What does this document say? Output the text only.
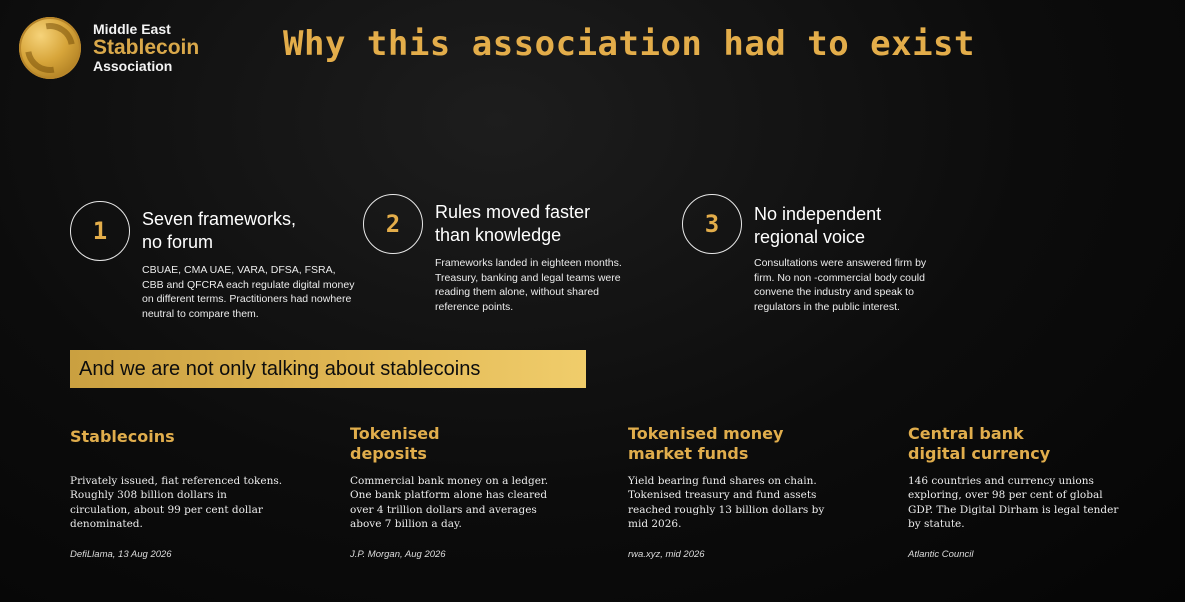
Middle East
Stablecoin
Association
Why this association had to exist
1	Seven frameworks,
no forum

CBUAE, CMA UAE, VARA, DFSA, FSRA, CBB and QFCRA each regulate digital money on different terms. Practitioners had nowhere neutral to compare them.

2	Rules moved faster
than knowledge

Frameworks landed in eighteen months. Treasury, banking and legal teams were reading them alone, without shared reference points.

3	No independent
regional voice

Consultations were answered firm by firm. No non -commercial body could convene the industry and speak to regulators in the public interest.

And we are not only talking about stablecoins
Stablecoins

Privately issued, fiat referenced tokens. Roughly 308 billion dollars in circulation, about 99 per cent dollar denominated.

DefiLlama, 13 Aug 2026

Tokenised
deposits

Commercial bank money on a ledger. One bank platform alone has cleared over 4 trillion dollars and averages above 7 billion a day.

J.P. Morgan, Aug 2026

Tokenised money
market funds

Yield bearing fund shares on chain. Tokenised treasury and fund assets reached roughly 13 billion dollars by mid 2026.

rwa.xyz, mid 2026

Central bank
digital currency

146 countries and currency unions exploring, over 98 per cent of global GDP. The Digital Dirham is legal tender by statute.

Atlantic Council
